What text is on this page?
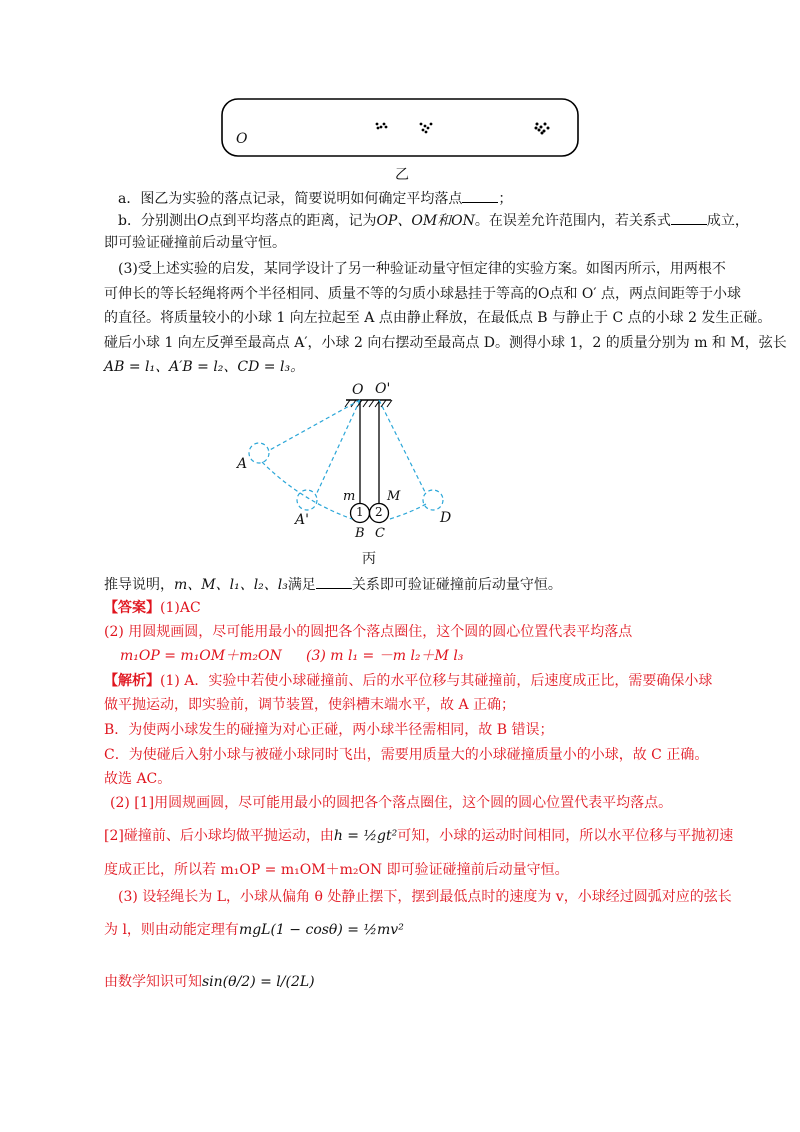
O
乙
a．图乙为实验的落点记录，简要说明如何确定平均落点	；
b．分别测出O点到平均落点的距离，记为OP、OM和ON。在误差允许范围内，若关系式	成立，
即可验证碰撞前后动量守恒。
(3)受上述实验的启发，某同学设计了另一种验证动量守恒定律的实验方案。如图丙所示，用两根不
可伸长的等长轻绳将两个半径相同、质量不等的匀质小球悬挂于等高的O点和 O′ 点，两点间距等于小球
的直径。将质量较小的小球 1 向左拉起至 A 点由静止释放，在最低点 B 与静止于 C 点的小球 2 发生正碰。
碰后小球 1 向左反弹至最高点 A′，小球 2 向右摆动至最高点 D。测得小球 1，2 的质量分别为 m 和 M，弦长
AB = l₁、A′B = l₂、CD = l₃。
O O'
A
A'
m M
1 2
B C
D
丙
推导说明，m、M、l₁、l₂、l₃满足	关系即可验证碰撞前后动量守恒。
【答案】(1)AC
(2) 用圆规画圆，尽可能用最小的圆把各个落点圈住，这个圆的圆心位置代表平均落点
m₁OP = m₁OM＋m₂ON (3) m l₁ = －m l₂＋M l₃
【解析】(1) A．实验中若使小球碰撞前、后的水平位移与其碰撞前，后速度成正比，需要确保小球
做平抛运动，即实验前，调节装置，使斜槽末端水平，故 A 正确；
B．为使两小球发生的碰撞为对心正碰，两小球半径需相同，故 B 错误；
C．为使碰后入射小球与被碰小球同时飞出，需要用质量大的小球碰撞质量小的小球，故 C 正确。
故选 AC。
(2) [1]用圆规画圆，尽可能用最小的圆把各个落点圈住，这个圆的圆心位置代表平均落点。
[2]碰撞前、后小球均做平抛运动，由h = ½gt²可知，小球的运动时间相同，所以水平位移与平抛初速
度成正比，所以若 m₁OP = m₁OM＋m₂ON 即可验证碰撞前后动量守恒。
(3) 设轻绳长为 L，小球从偏角 θ 处静止摆下，摆到最低点时的速度为 v，小球经过圆弧对应的弦长
为 l，则由动能定理有mgL(1 − cosθ) = ½mv²
由数学知识可知sin(θ/2) = l/(2L)
